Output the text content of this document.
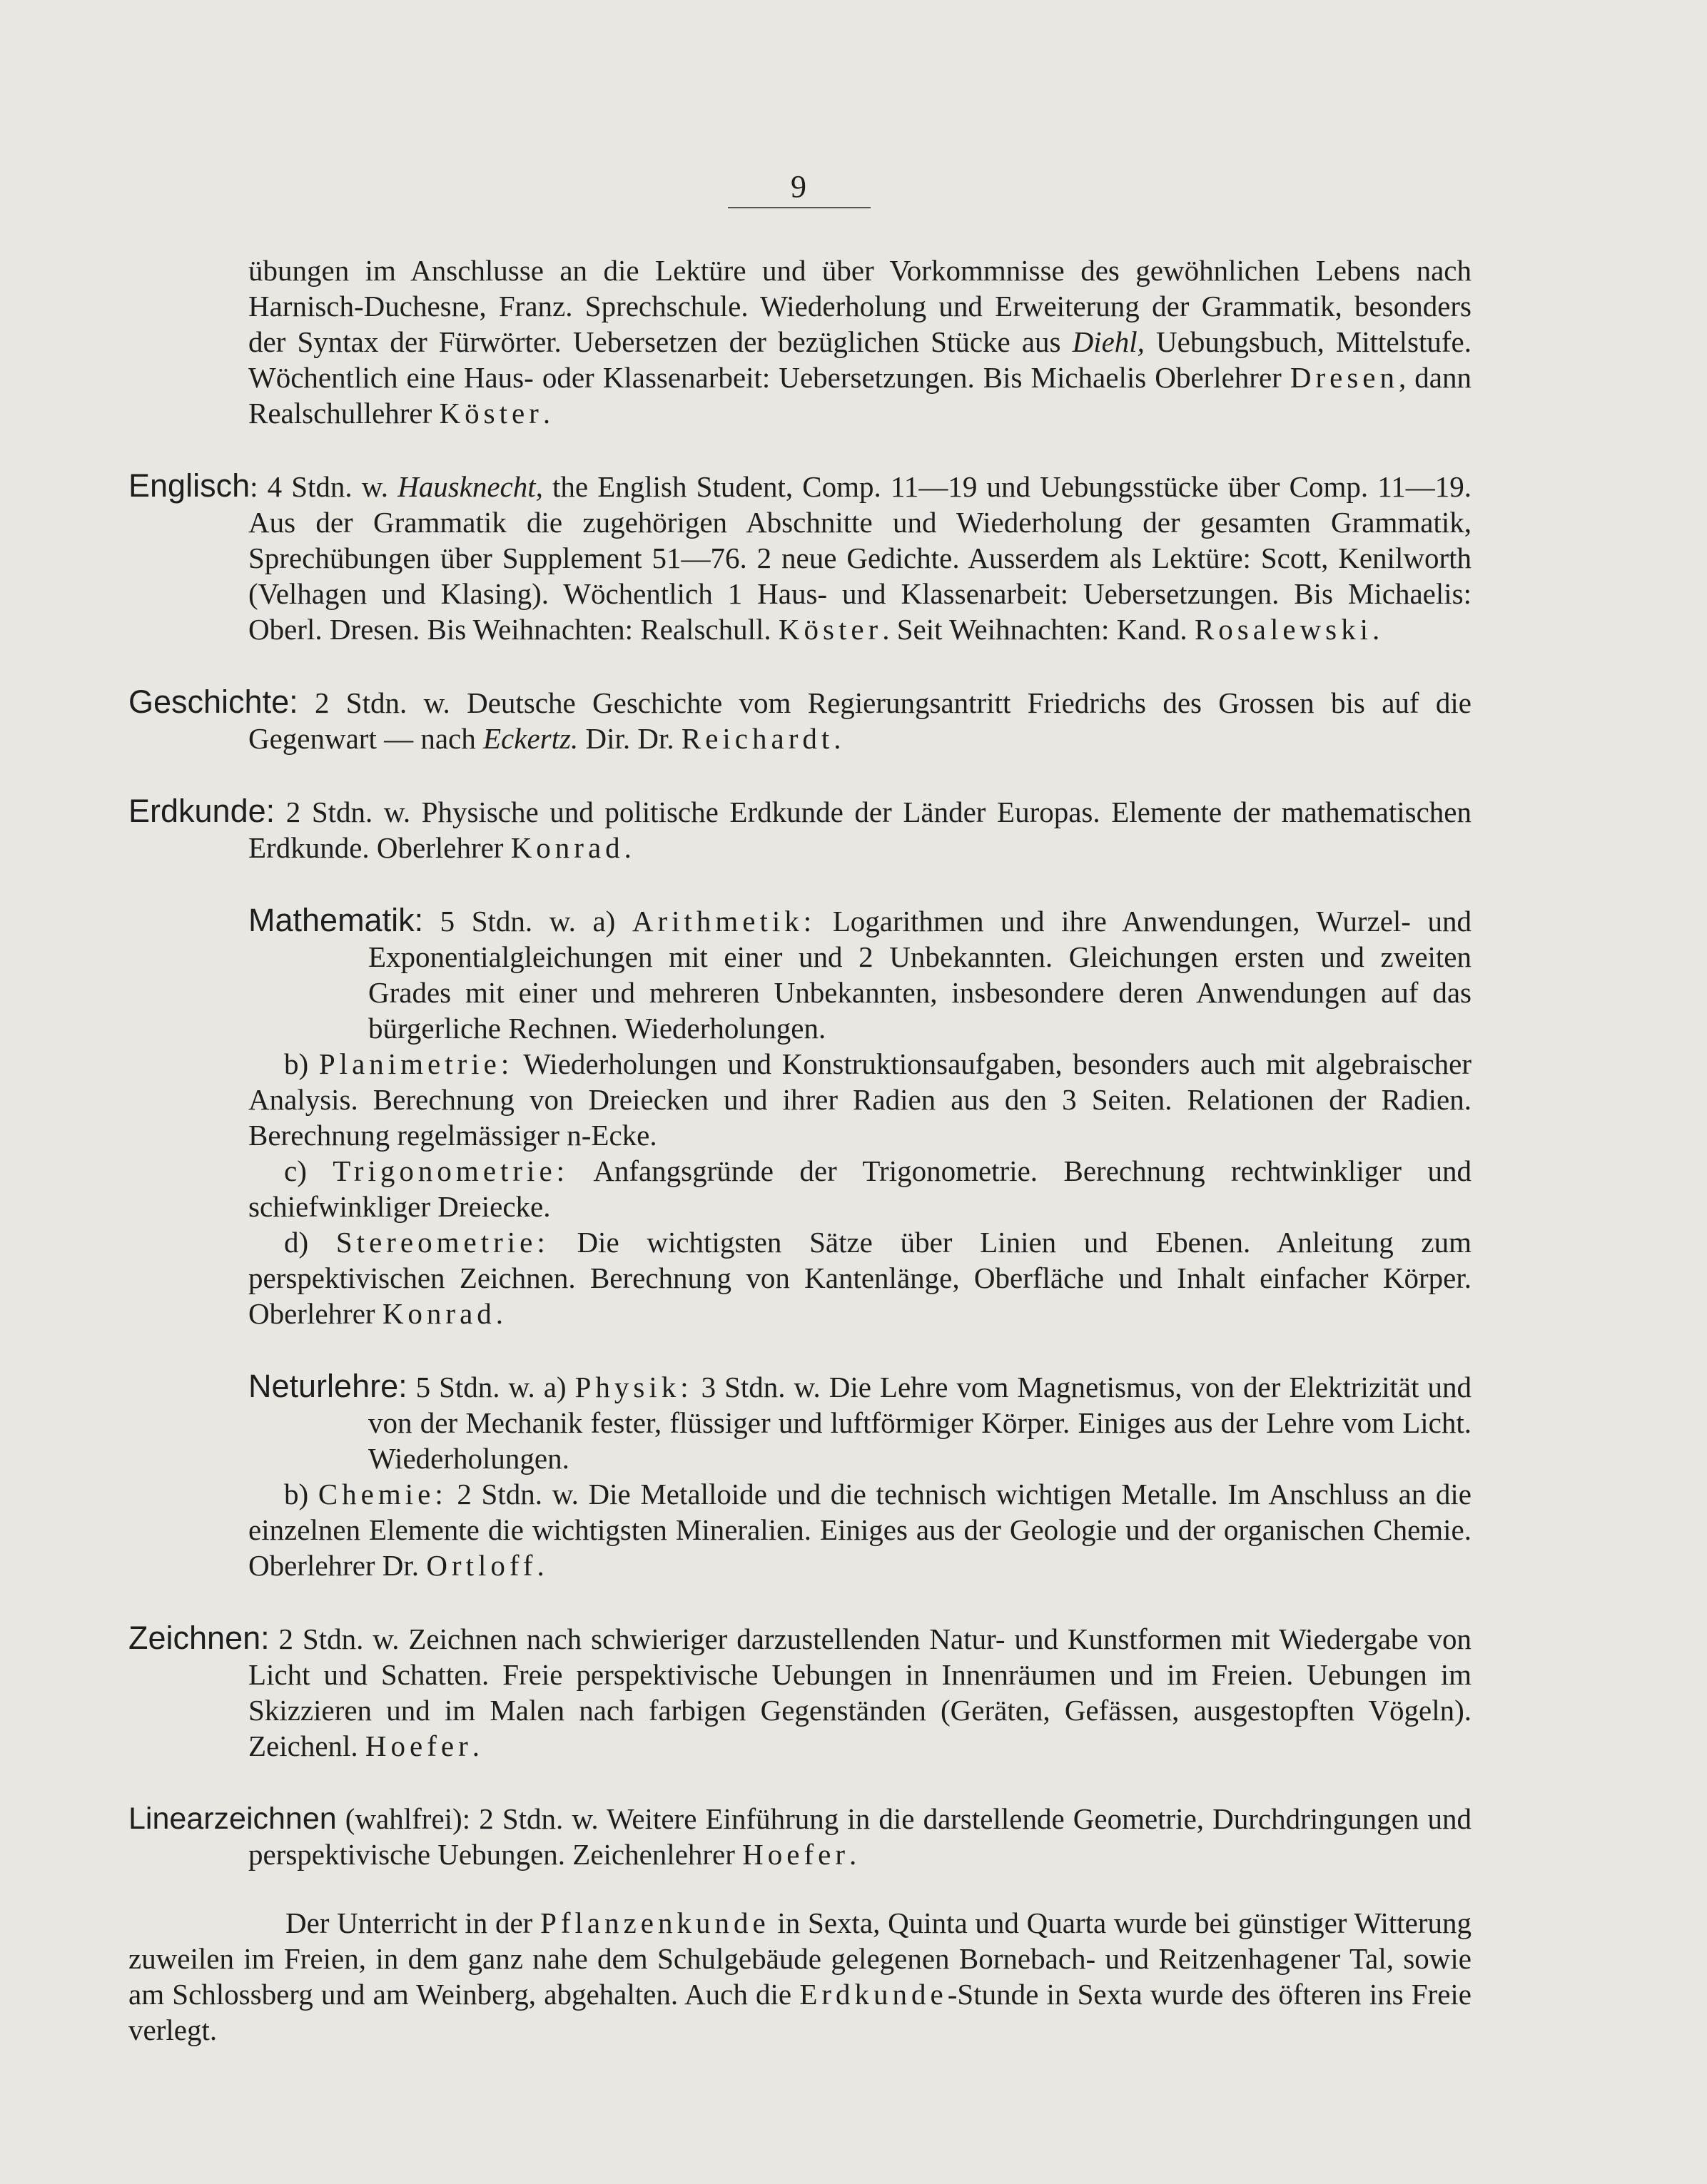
9

übungen im Anschlusse an die Lektüre und über Vorkommnisse des gewöhnlichen Lebens nach Harnisch-Duchesne, Franz. Sprechschule. Wiederholung und Erweiterung der Grammatik, besonders der Syntax der Fürwörter. Uebersetzen der bezüglichen Stücke aus Diehl, Uebungsbuch, Mittelstufe. Wöchentlich eine Haus- oder Klassenarbeit: Uebersetzungen. Bis Michaelis Oberlehrer Dresen, dann Realschullehrer Köster.

Englisch: 4 Stdn. w. Hausknecht, the English Student, Comp. 11—19 und Uebungsstücke über Comp. 11—19. Aus der Grammatik die zugehörigen Abschnitte und Wiederholung der gesamten Grammatik, Sprechübungen über Supplement 51—76. 2 neue Gedichte. Ausserdem als Lektüre: Scott, Kenilworth (Velhagen und Klasing). Wöchentlich 1 Haus- und Klassenarbeit: Uebersetzungen. Bis Michaelis: Oberl. Dresen. Bis Weihnachten: Realschull. Köster. Seit Weihnachten: Kand. Rosalewski.

Geschichte: 2 Stdn. w. Deutsche Geschichte vom Regierungsantritt Friedrichs des Grossen bis auf die Gegenwart — nach Eckertz. Dir. Dr. Reichardt.

Erdkunde: 2 Stdn. w. Physische und politische Erdkunde der Länder Europas. Elemente der mathematischen Erdkunde. Oberlehrer Konrad.

Mathematik: 5 Stdn. w. a) Arithmetik: Logarithmen und ihre Anwendungen, Wurzel- und Exponentialgleichungen mit einer und 2 Unbekannten. Gleichungen ersten und zweiten Grades mit einer und mehreren Unbekannten, insbesondere deren Anwendungen auf das bürgerliche Rechnen. Wiederholungen.

b) Planimetrie: Wiederholungen und Konstruktionsaufgaben, besonders auch mit algebraischer Analysis. Berechnung von Dreiecken und ihrer Radien aus den 3 Seiten. Relationen der Radien. Berechnung regelmässiger n-Ecke.

c) Trigonometrie: Anfangsgründe der Trigonometrie. Berechnung rechtwinkliger und schiefwinkliger Dreiecke.

d) Stereometrie: Die wichtigsten Sätze über Linien und Ebenen. Anleitung zum perspektivischen Zeichnen. Berechnung von Kantenlänge, Oberfläche und Inhalt einfacher Körper. Oberlehrer Konrad.

Neturlehre: 5 Stdn. w. a) Physik: 3 Stdn. w. Die Lehre vom Magnetismus, von der Elektrizität und von der Mechanik fester, flüssiger und luftförmiger Körper. Einiges aus der Lehre vom Licht. Wiederholungen.

b) Chemie: 2 Stdn. w. Die Metalloide und die technisch wichtigen Metalle. Im Anschluss an die einzelnen Elemente die wichtigsten Mineralien. Einiges aus der Geologie und der organischen Chemie. Oberlehrer Dr. Ortloff.

Zeichnen: 2 Stdn. w. Zeichnen nach schwieriger darzustellenden Natur- und Kunstformen mit Wiedergabe von Licht und Schatten. Freie perspektivische Uebungen in Innenräumen und im Freien. Uebungen im Skizzieren und im Malen nach farbigen Gegenständen (Geräten, Gefässen, ausgestopften Vögeln). Zeichenl. Hoefer.

Linearzeichnen (wahlfrei): 2 Stdn. w. Weitere Einführung in die darstellende Geometrie, Durchdringungen und perspektivische Uebungen. Zeichenlehrer Hoefer.

Der Unterricht in der Pflanzenkunde in Sexta, Quinta und Quarta wurde bei günstiger Witterung zuweilen im Freien, in dem ganz nahe dem Schulgebäude gelegenen Bornebach- und Reitzenhagener Tal, sowie am Schlossberg und am Weinberg, abgehalten. Auch die Erdkunde-Stunde in Sexta wurde des öfteren ins Freie verlegt.
